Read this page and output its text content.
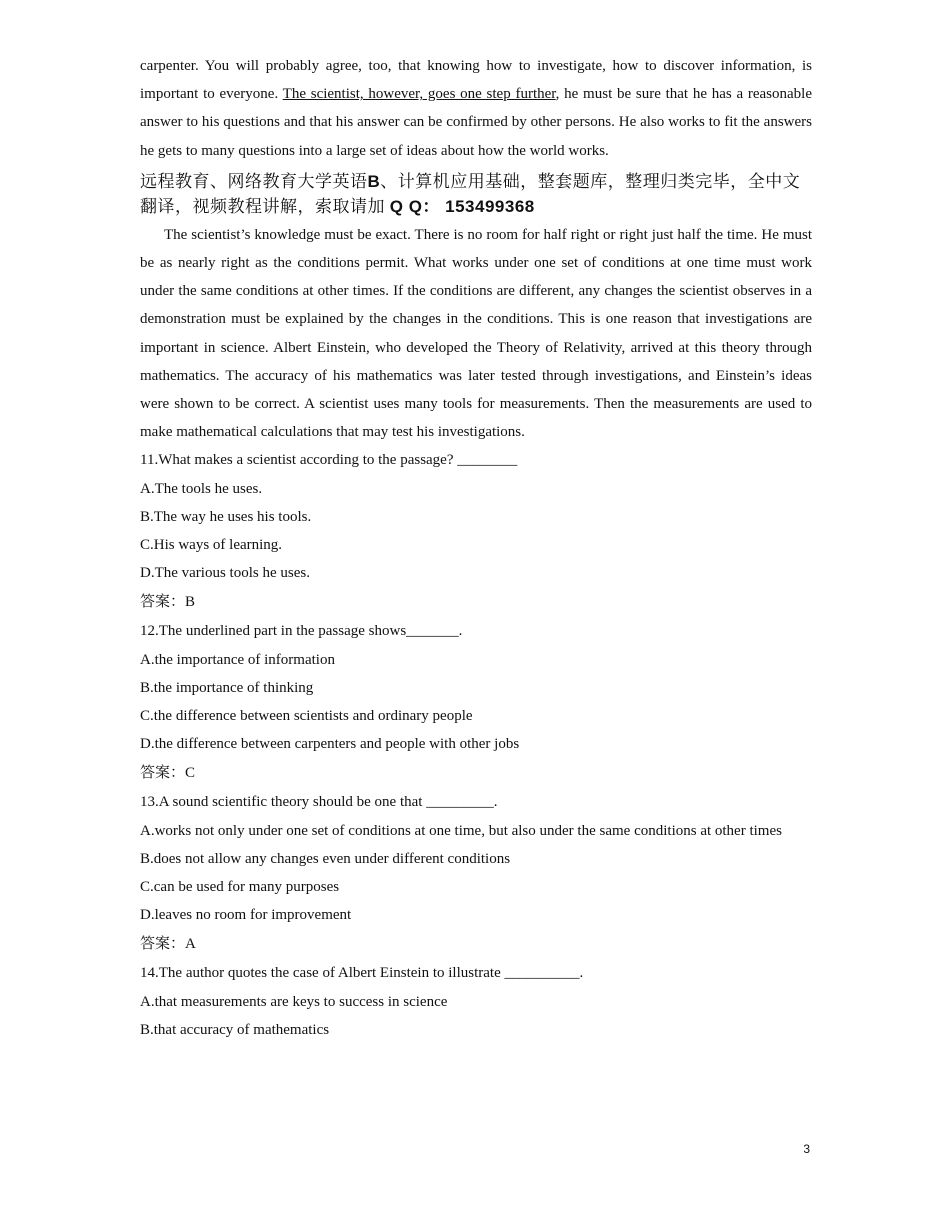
carpenter. You will probably agree, too, that knowing how to investigate, how to discover information, is important to everyone. The scientist, however, goes one step further, he must be sure that he has a reasonable answer to his questions and that his answer can be confirmed by other persons. He also works to fit the answers he gets to many questions into a large set of ideas about how the world works.

远程教育、网络教育大学英语B、计算机应用基础，整套题库，整理归类完毕，全中文翻译，视频教程讲解，索取请加 Q Q： 153499368

The scientist’s knowledge must be exact. There is no room for half right or right just half the time. He must be as nearly right as the conditions permit. What works under one set of conditions at one time must work under the same conditions at other times. If the conditions are different, any changes the scientist observes in a demonstration must be explained by the changes in the conditions. This is one reason that investigations are important in science. Albert Einstein, who developed the Theory of Relativity, arrived at this theory through mathematics. The accuracy of his mathematics was later tested through investigations, and Einstein’s ideas were shown to be correct. A scientist uses many tools for measurements. Then the measurements are used to make mathematical calculations that may test his investigations.

11.What makes a scientist according to the passage? ________

A.The tools he uses.

B.The way he uses his tools.

C.His ways of learning.

D.The various tools he uses.

答案：B

12.The underlined part in the passage shows_______.

A.the importance of information

B.the importance of thinking

C.the difference between scientists and ordinary people

D.the difference between carpenters and people with other jobs

答案：C

13.A sound scientific theory should be one that _________.

A.works not only under one set of conditions at one time, but also under the same conditions at other times

B.does not allow any changes even under different conditions

C.can be used for many purposes

D.leaves no room for improvement

答案：A

14.The author quotes the case of Albert Einstein to illustrate __________.

A.that measurements are keys to success in science

B.that accuracy of mathematics

3
